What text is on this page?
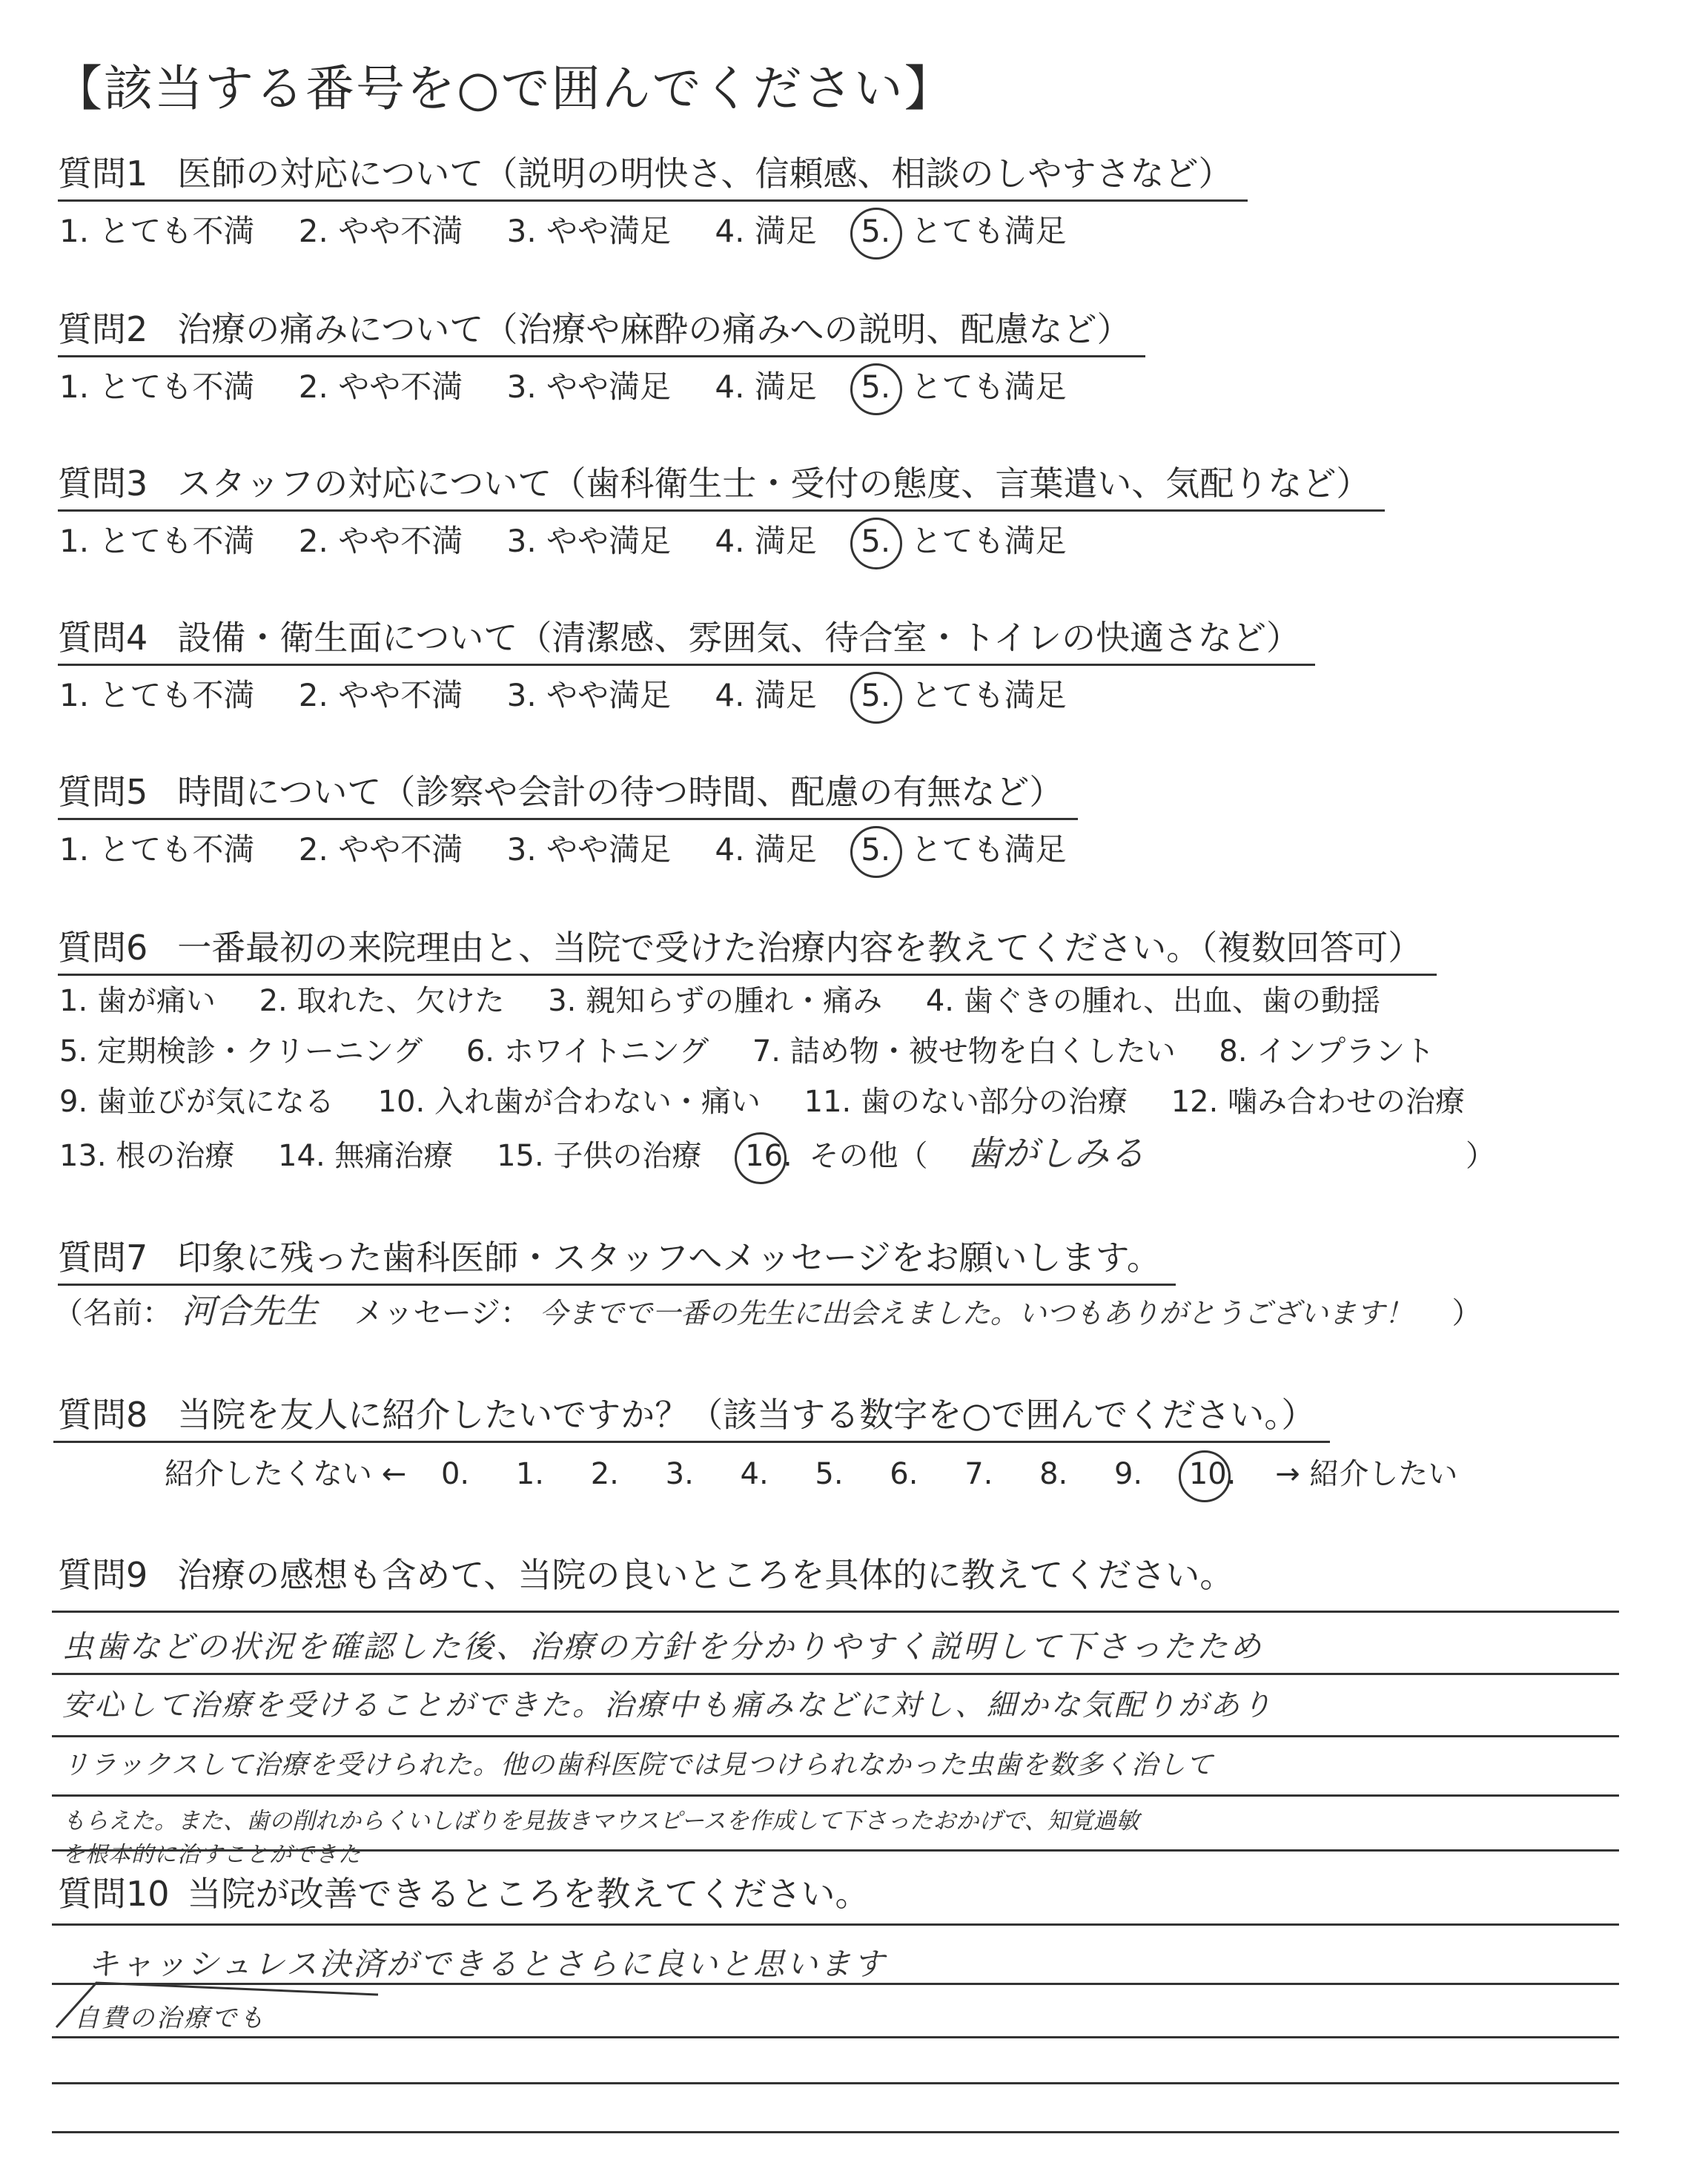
【該当する番号を○で囲んでください】
質問1 医師の対応について（説明の明快さ、信頼感、相談のしやすさなど）
1. とても不満 2. やや不満 3. やや満足 4. 満足 5. とても満足
質問2 治療の痛みについて（治療や麻酔の痛みへの説明、配慮など）
1. とても不満 2. やや不満 3. やや満足 4. 満足 5. とても満足
質問3 スタッフの対応について（歯科衛生士・受付の態度、言葉遣い、気配りなど）
1. とても不満 2. やや不満 3. やや満足 4. 満足 5. とても満足
質問4 設備・衛生面について（清潔感、雰囲気、待合室・トイレの快適さなど）
1. とても不満 2. やや不満 3. やや満足 4. 満足 5. とても満足
質問5 時間について（診察や会計の待つ時間、配慮の有無など）
1. とても不満 2. やや不満 3. やや満足 4. 満足 5. とても満足
質問6 一番最初の来院理由と、当院で受けた治療内容を教えてください。（複数回答可）
1. 歯が痛い 2. 取れた、欠けた 3. 親知らずの腫れ・痛み 4. 歯ぐきの腫れ、出血、歯の動揺
5. 定期検診・クリーニング 6. ホワイトニング 7. 詰め物・被せ物を白くしたい 8. インプラント
9. 歯並びが気になる 10. 入れ歯が合わない・痛い 11. 歯のない部分の治療 12. 噛み合わせの治療
13. 根の治療 14. 無痛治療 15. 子供の治療 16. その他（ 歯がしみる	）
質問7 印象に残った歯科医師・スタッフへメッセージをお願いします。
（名前： 河合先生 メッセージ： 今までで一番の先生に出会えました。いつもありがとうございます！ ）
質問8 当院を友人に紹介したいですか？（該当する数字を○で囲んでください。）
紹介したくない ← 0. 1. 2. 3. 4. 5. 6. 7. 8. 9. 10. → 紹介したい
質問9 治療の感想も含めて、当院の良いところを具体的に教えてください。
虫歯などの状況を確認した後、治療の方針を分かりやすく説明して下さったため
安心して治療を受けることができた。治療中も痛みなどに対し、細かな気配りがあり
リラックスして治療を受けられた。他の歯科医院では見つけられなかった虫歯を数多く治して
もらえた。また、歯の削れからくいしばりを見抜きマウスピースを作成して下さったおかげで、知覚過敏
を根本的に治すことができた
質問10 当院が改善できるところを教えてください。
キャッシュレス決済ができるとさらに良いと思います
自費の治療でも
